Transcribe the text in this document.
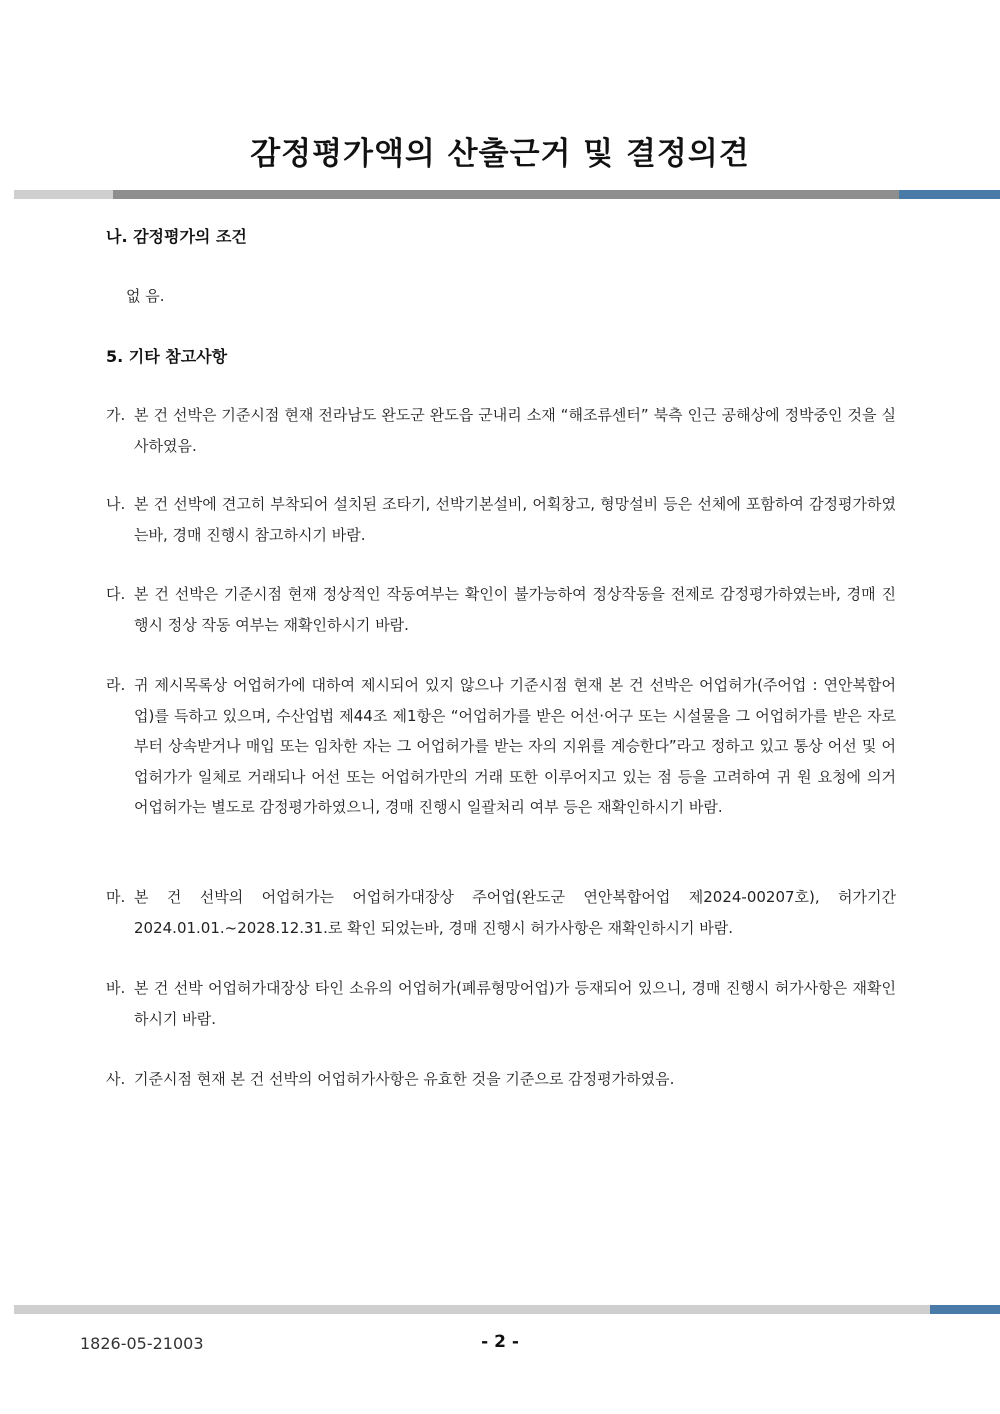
감정평가액의 산출근거 및 결정의견
나. 감정평가의 조건
없 음.
5. 기타 참고사항
가. 본 건 선박은 기준시점 현재 전라남도 완도군 완도읍 군내리 소재 “해조류센터” 북측 인근 공해상에 정박중인 것을 실사하였음.
나. 본 건 선박에 견고히 부착되어 설치된 조타기, 선박기본설비, 어획창고, 형망설비 등은 선체에 포함하여 감정평가하였는바, 경매 진행시 참고하시기 바람.
다. 본 건 선박은 기준시점 현재 정상적인 작동여부는 확인이 불가능하여 정상작동을 전제로 감정평가하였는바, 경매 진행시 정상 작동 여부는 재확인하시기 바람.
라. 귀 제시목록상 어업허가에 대하여 제시되어 있지 않으나 기준시점 현재 본 건 선박은 어업허가(주어업 : 연안복합어업)를 득하고 있으며, 수산업법 제44조 제1항은 “어업허가를 받은 어선·어구 또는 시설물을 그 어업허가를 받은 자로부터 상속받거나 매입 또는 임차한 자는 그 어업허가를 받는 자의 지위를 계승한다”라고 정하고 있고 통상 어선 및 어업허가가 일체로 거래되나 어선 또는 어업허가만의 거래 또한 이루어지고 있는 점 등을 고려하여 귀 원 요청에 의거 어업허가는 별도로 감정평가하였으니, 경매 진행시 일괄처리 여부 등은 재확인하시기 바람.
마. 본 건 선박의 어업허가는 어업허가대장상 주어업(완도군 연안복합어업 제2024-00207호), 허가기간 2024.01.01.~2028.12.31.로 확인 되었는바, 경매 진행시 허가사항은 재확인하시기 바람.
바. 본 건 선박 어업허가대장상 타인 소유의 어업허가(폐류형망어업)가 등재되어 있으니, 경매 진행시 허가사항은 재확인하시기 바람.
사. 기준시점 현재 본 건 선박의 어업허가사항은 유효한 것을 기준으로 감정평가하였음.
1826-05-21003	- 2 -
